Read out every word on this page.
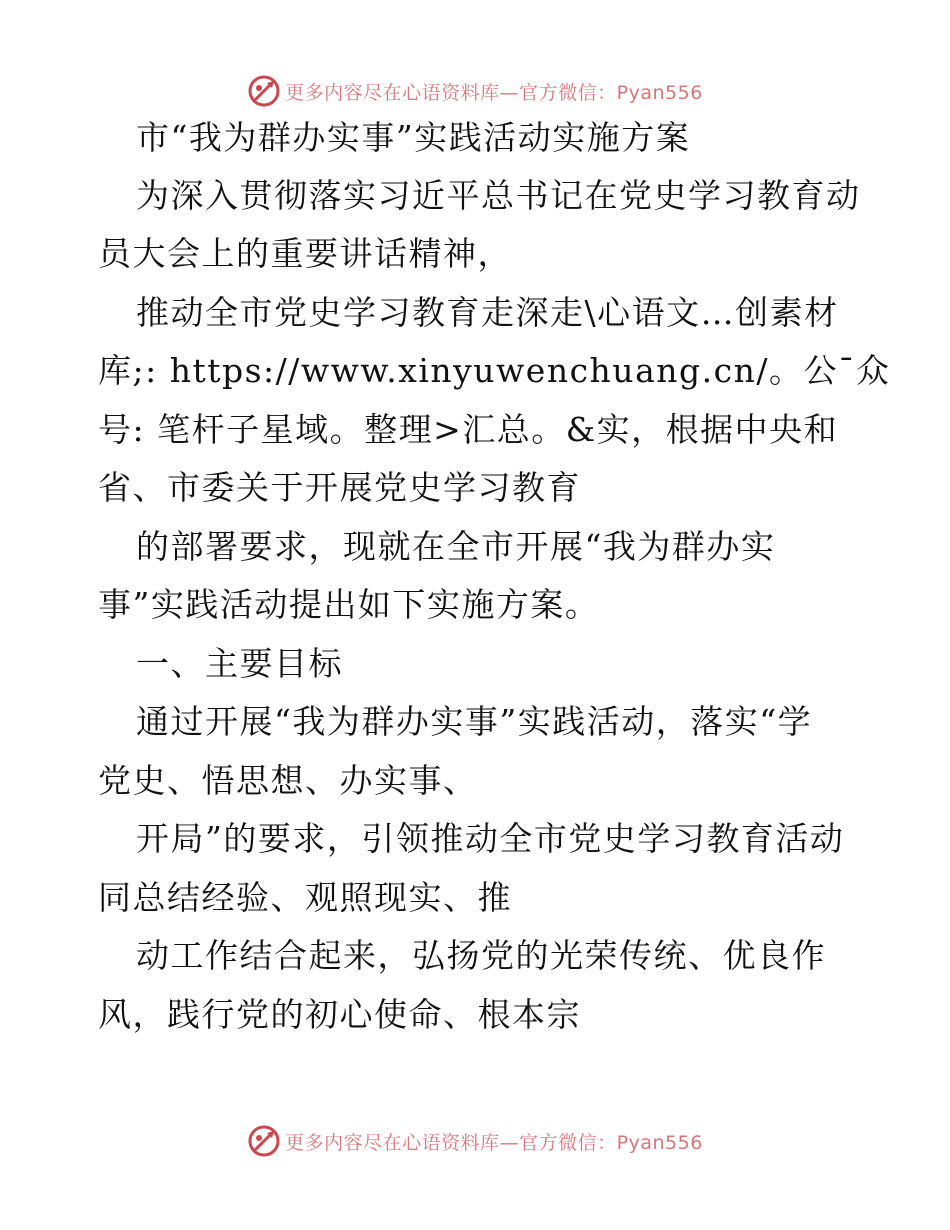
更多内容尽在心语资料库—官方微信：Pyan556
市“我为群办实事”实践活动实施方案
为深入贯彻落实习近平总书记在党史学习教育动
员大会上的重要讲话精神，
推动全市党史学习教育走深走\心语文…创素材
库;: https://www.xinyuwenchuang.cn/。公¯众
号: 笔杆子星域。整理>汇总。&实，根据中央和
省、市委关于开展党史学习教育
的部署要求，现就在全市开展“我为群办实
事”实践活动提出如下实施方案。
一、主要目标
通过开展“我为群办实事”实践活动，落实“学
党史、悟思想、办实事、
开局”的要求，引领推动全市党史学习教育活动
同总结经验、观照现实、推
动工作结合起来，弘扬党的光荣传统、优良作
风，践行党的初心使命、根本宗
更多内容尽在心语资料库—官方微信：Pyan556
